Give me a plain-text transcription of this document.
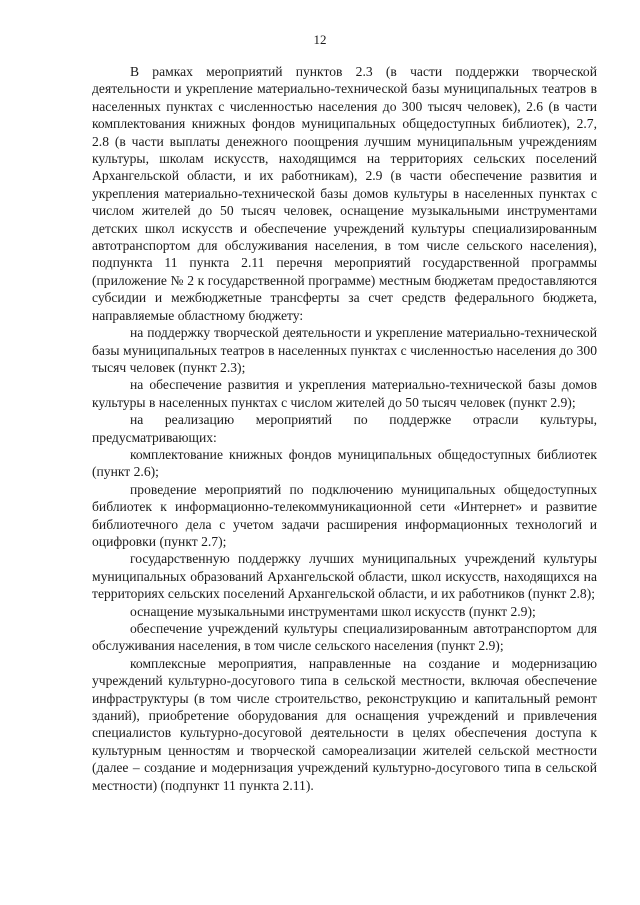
12

В рамках мероприятий пунктов 2.3 (в части поддержки творческой деятельности и укрепление материально-технической базы муниципальных театров в населенных пунктах с численностью населения до 300 тысяч человек), 2.6 (в части комплектования книжных фондов муниципальных общедоступных библиотек), 2.7, 2.8 (в части выплаты денежного поощрения лучшим муниципальным учреждениям культуры, школам искусств, находящимся на территориях сельских поселений Архангельской области, и их работникам), 2.9 (в части обеспечение развития и укрепления материально-технической базы домов культуры в населенных пунктах с числом жителей до 50 тысяч человек, оснащение музыкальными инструментами детских школ искусств и обеспечение учреждений культуры специализированным автотранспортом для обслуживания населения, в том числе сельского населения), подпункта 11 пункта 2.11 перечня мероприятий государственной программы (приложение № 2 к государственной программе) местным бюджетам предоставляются субсидии и межбюджетные трансферты за счет средств федерального бюджета, направляемые областному бюджету:

на поддержку творческой деятельности и укрепление материально-технической базы муниципальных театров в населенных пунктах с численностью населения до 300 тысяч человек (пункт 2.3);

на обеспечение развития и укрепления материально-технической базы домов культуры в населенных пунктах с числом жителей до 50 тысяч человек (пункт 2.9);

на реализацию мероприятий по поддержке отрасли культуры, предусматривающих:

комплектование книжных фондов муниципальных общедоступных библиотек (пункт 2.6);

проведение мероприятий по подключению муниципальных общедоступных библиотек к информационно-телекоммуникационной сети «Интернет» и развитие библиотечного дела с учетом задачи расширения информационных технологий и оцифровки (пункт 2.7);

государственную поддержку лучших муниципальных учреждений культуры муниципальных образований Архангельской области, школ искусств, находящихся на территориях сельских поселений Архангельской области, и их работников (пункт 2.8);

оснащение музыкальными инструментами школ искусств (пункт 2.9);

обеспечение учреждений культуры специализированным автотранспортом для обслуживания населения, в том числе сельского населения (пункт 2.9);

комплексные мероприятия, направленные на создание и модернизацию учреждений культурно-досугового типа в сельской местности, включая обеспечение инфраструктуры (в том числе строительство, реконструкцию и капитальный ремонт зданий), приобретение оборудования для оснащения учреждений и привлечения специалистов культурно-досуговой деятельности в целях обеспечения доступа к культурным ценностям и творческой самореализации жителей сельской местности (далее – создание и модернизация учреждений культурно-досугового типа в сельской местности) (подпункт 11 пункта 2.11).
